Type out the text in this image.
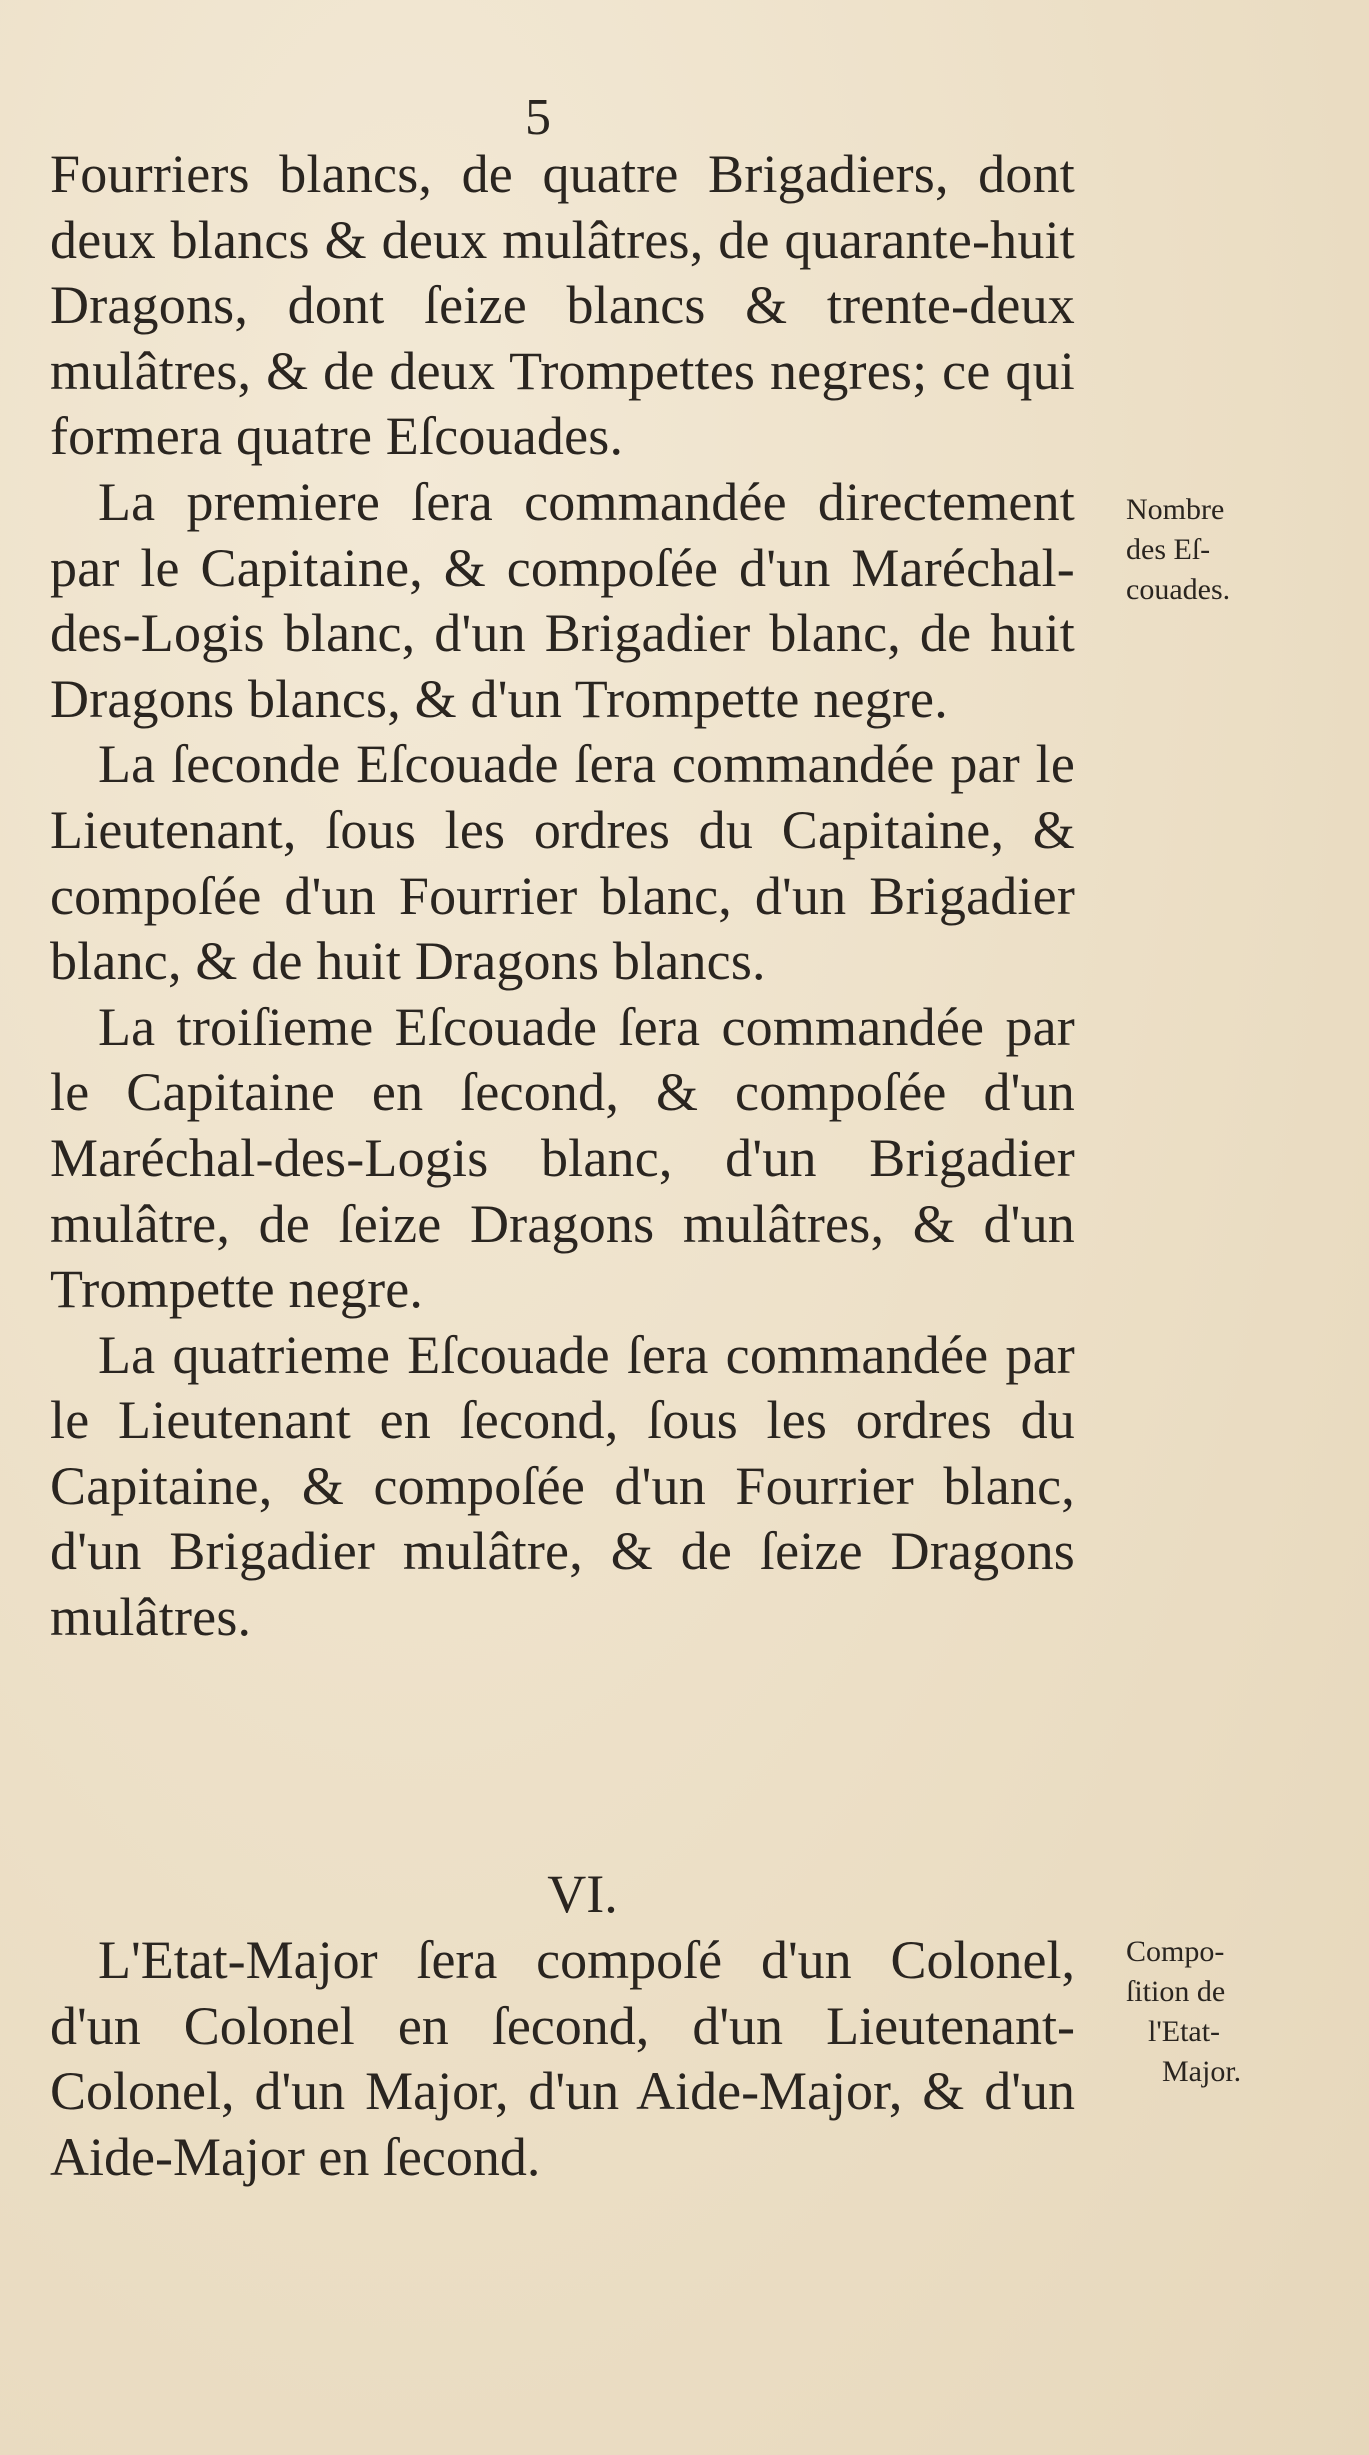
5

Fourriers blancs, de quatre Brigadiers, dont deux blancs & deux mulâtres, de quarante-huit Dragons, dont ſeize blancs & trente-deux mulâtres, & de deux Trompettes negres; ce qui formera quatre Eſcouades.

La premiere ſera commandée directement par le Capitaine, & compoſée d'un Maréchal-des-Logis blanc, d'un Brigadier blanc, de huit Dragons blancs, & d'un Trompette negre.

La ſeconde Eſcouade ſera commandée par le Lieutenant, ſous les ordres du Capitaine, & compoſée d'un Fourrier blanc, d'un Brigadier blanc, & de huit Dragons blancs.

La troiſieme Eſcouade ſera commandée par le Capitaine en ſecond, & compoſée d'un Maréchal-des-Logis blanc, d'un Brigadier mulâtre, de ſeize Dragons mulâtres, & d'un Trompette negre.

La quatrieme Eſcouade ſera commandée par le Lieutenant en ſecond, ſous les ordres du Capitaine, & compoſée d'un Fourrier blanc, d'un Brigadier mulâtre, & de ſeize Dragons mulâtres.

VI.

L'Etat-Major ſera compoſé d'un Colonel, d'un Colonel en ſecond, d'un Lieutenant-Colonel, d'un Major, d'un Aide-Major, & d'un Aide-Major en ſecond.

Nombre
des Eſ-
couades.
Compo-
ſition de
l'Etat-
Major.
